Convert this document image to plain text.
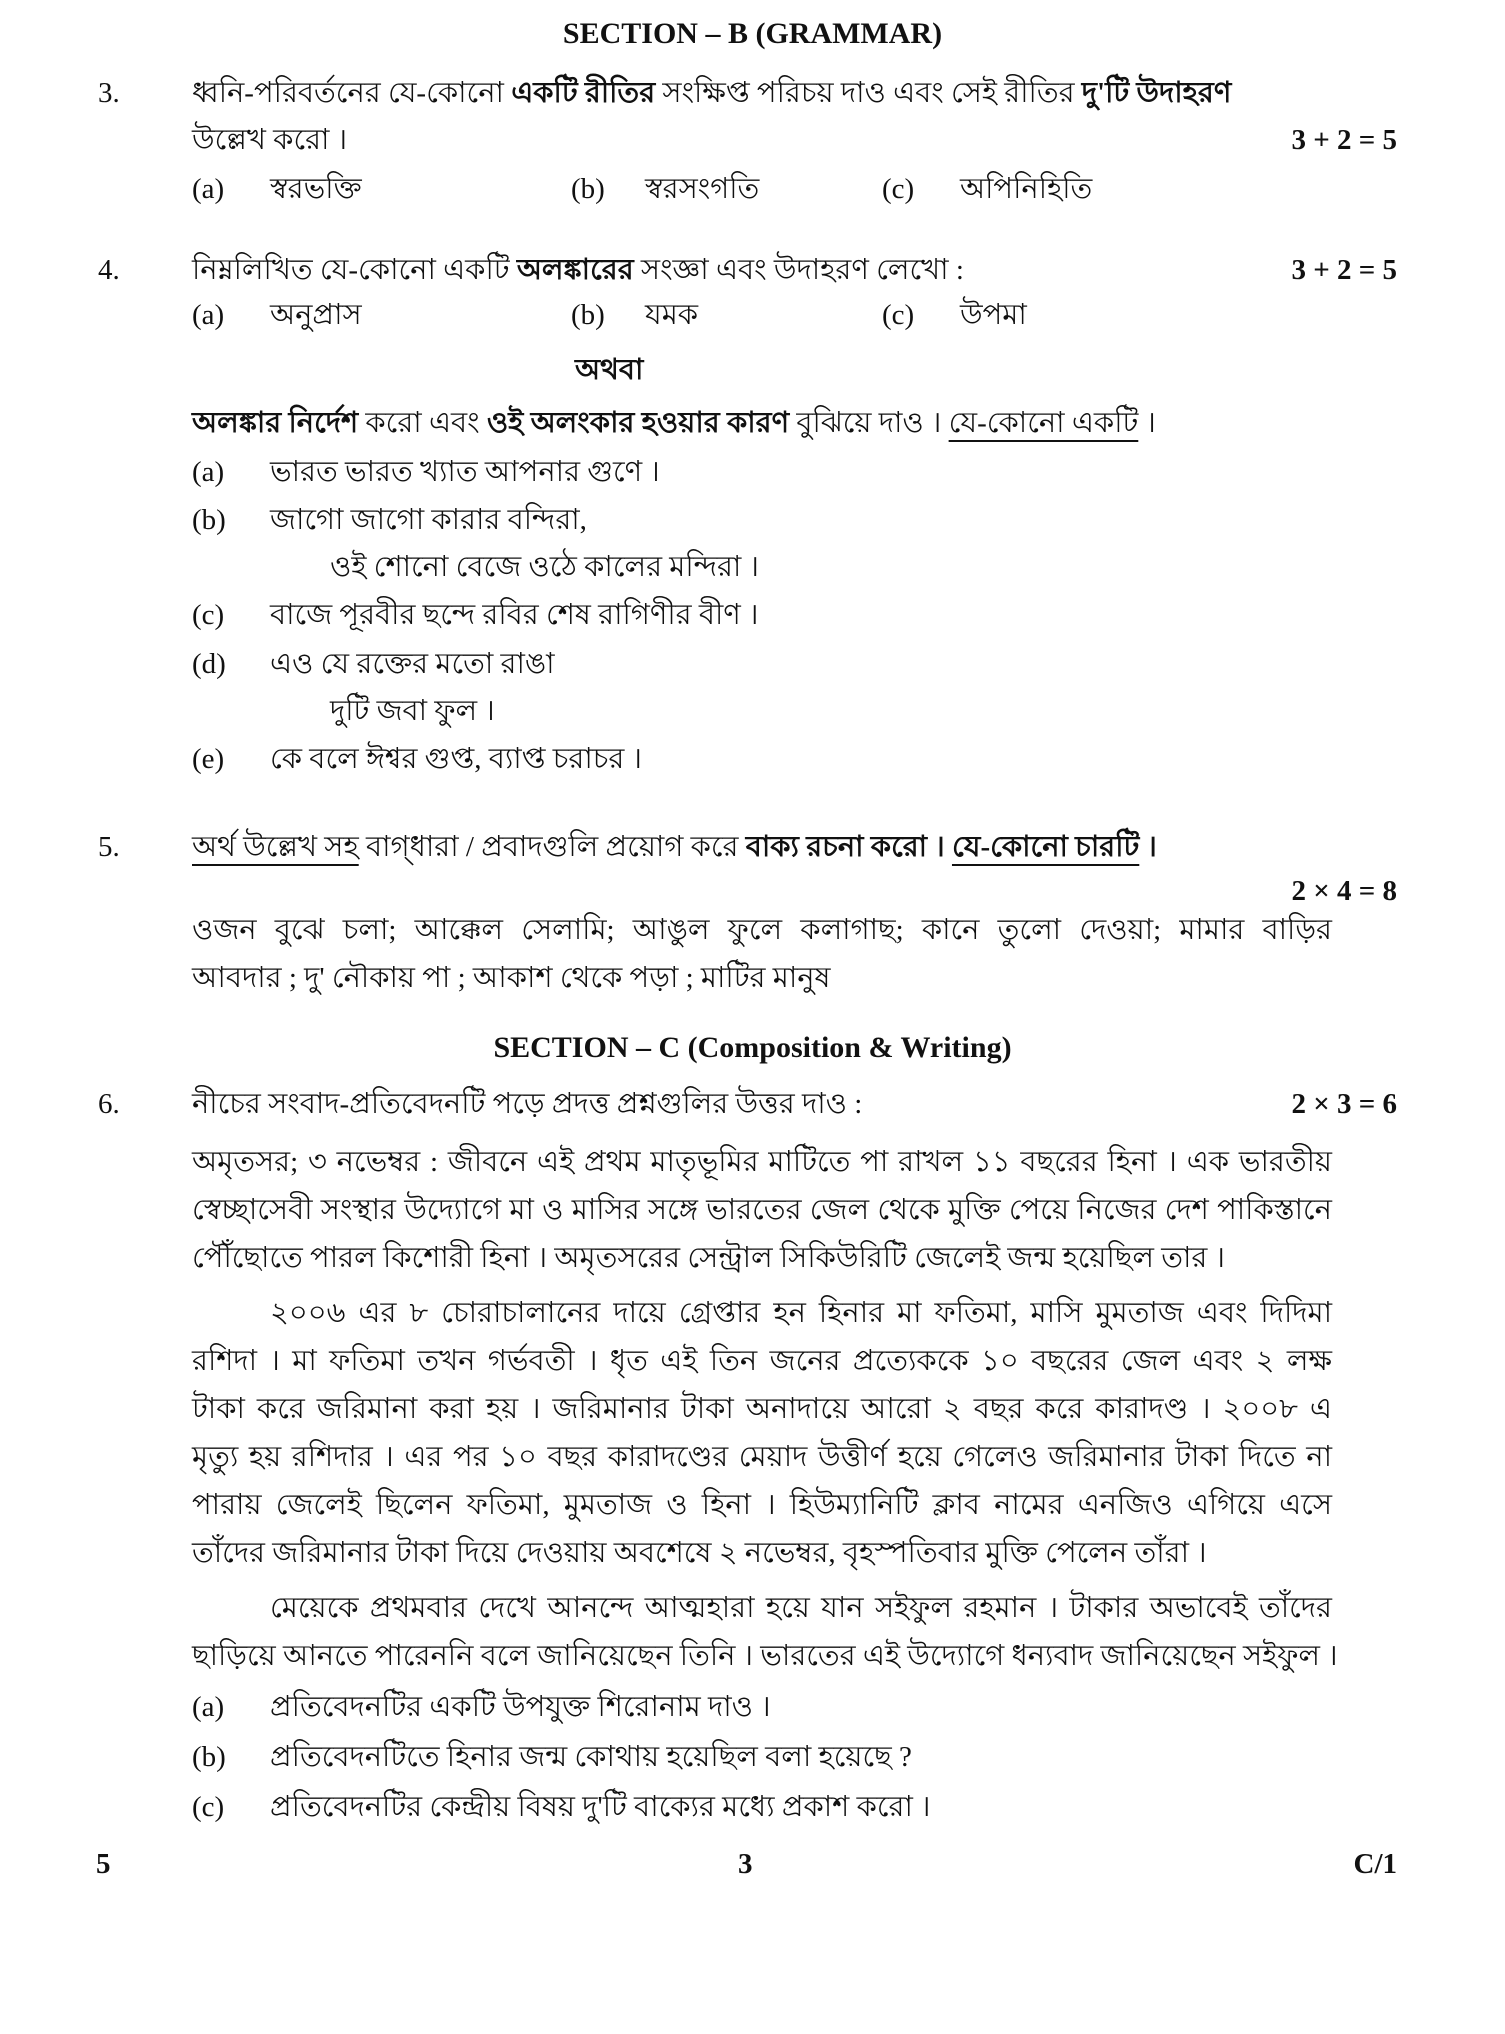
SECTION – B (GRAMMAR)
3. ধ্বনি-পরিবর্তনের যে-কোনো একটি রীতির সংক্ষিপ্ত পরিচয় দাও এবং সেই রীতির দু'টি উদাহরণ
উল্লেখ করো ।	3 + 2 = 5
(a) স্বরভক্তি	(b) স্বরসংগতি	(c) অপিনিহিতি
4. নিম্নলিখিত যে-কোনো একটি অলঙ্কারের সংজ্ঞা এবং উদাহরণ লেখো :	3 + 2 = 5
(a) অনুপ্রাস	(b) যমক	(c) উপমা
অথবা
অলঙ্কার নির্দেশ করো এবং ওই অলংকার হওয়ার কারণ বুঝিয়ে দাও । যে-কোনো একটি ।
(a) ভারত ভারত খ্যাত আপনার গুণে ।
(b) জাগো জাগো কারার বন্দিরা,
ওই শোনো বেজে ওঠে কালের মন্দিরা ।
(c) বাজে পূরবীর ছন্দে রবির শেষ রাগিণীর বীণ ।
(d) এও যে রক্তের মতো রাঙা
দুটি জবা ফুল ।
(e) কে বলে ঈশ্বর গুপ্ত, ব্যাপ্ত চরাচর ।
5. অর্থ উল্লেখ সহ বাগ্‌ধারা / প্রবাদগুলি প্রয়োগ করে বাক্য রচনা করো । যে-কোনো চারটি ।
2 × 4 = 8
ওজন বুঝে চলা; আক্কেল সেলামি; আঙুল ফুলে কলাগাছ; কানে তুলো দেওয়া; মামার বাড়ির
আবদার ; দু' নৌকায় পা ; আকাশ থেকে পড়া ; মাটির মানুষ
SECTION – C (Composition & Writing)
6. নীচের সংবাদ-প্রতিবেদনটি পড়ে প্রদত্ত প্রশ্নগুলির উত্তর দাও :	2 × 3 = 6
অমৃতসর; ৩ নভেম্বর : জীবনে এই প্রথম মাতৃভূমির মাটিতে পা রাখল ১১ বছরের হিনা । এক ভারতীয়
স্বেচ্ছাসেবী সংস্থার উদ্যোগে মা ও মাসির সঙ্গে ভারতের জেল থেকে মুক্তি পেয়ে নিজের দেশ পাকিস্তানে
পৌঁছোতে পারল কিশোরী হিনা । অমৃতসরের সেন্ট্রাল সিকিউরিটি জেলেই জন্ম হয়েছিল তার ।
২০০৬ এর ৮ চোরাচালানের দায়ে গ্রেপ্তার হন হিনার মা ফতিমা, মাসি মুমতাজ এবং দিদিমা
রশিদা । মা ফতিমা তখন গর্ভবতী । ধৃত এই তিন জনের প্রত্যেককে ১০ বছরের জেল এবং ২ লক্ষ
টাকা করে জরিমানা করা হয় । জরিমানার টাকা অনাদায়ে আরো ২ বছর করে কারাদণ্ড । ২০০৮ এ
মৃত্যু হয় রশিদার । এর পর ১০ বছর কারাদণ্ডের মেয়াদ উত্তীর্ণ হয়ে গেলেও জরিমানার টাকা দিতে না
পারায় জেলেই ছিলেন ফতিমা, মুমতাজ ও হিনা । হিউম্যানিটি ক্লাব নামের এনজিও এগিয়ে এসে
তাঁদের জরিমানার টাকা দিয়ে দেওয়ায় অবশেষে ২ নভেম্বর, বৃহস্পতিবার মুক্তি পেলেন তাঁরা ।
মেয়েকে প্রথমবার দেখে আনন্দে আত্মহারা হয়ে যান সইফুল রহমান । টাকার অভাবেই তাঁদের
ছাড়িয়ে আনতে পারেননি বলে জানিয়েছেন তিনি । ভারতের এই উদ্যোগে ধন্যবাদ জানিয়েছেন সইফুল ।
(a) প্রতিবেদনটির একটি উপযুক্ত শিরোনাম দাও ।
(b) প্রতিবেদনটিতে হিনার জন্ম কোথায় হয়েছিল বলা হয়েছে ?
(c) প্রতিবেদনটির কেন্দ্রীয় বিষয় দু'টি বাক্যের মধ্যে প্রকাশ করো ।
5	3	C/1
